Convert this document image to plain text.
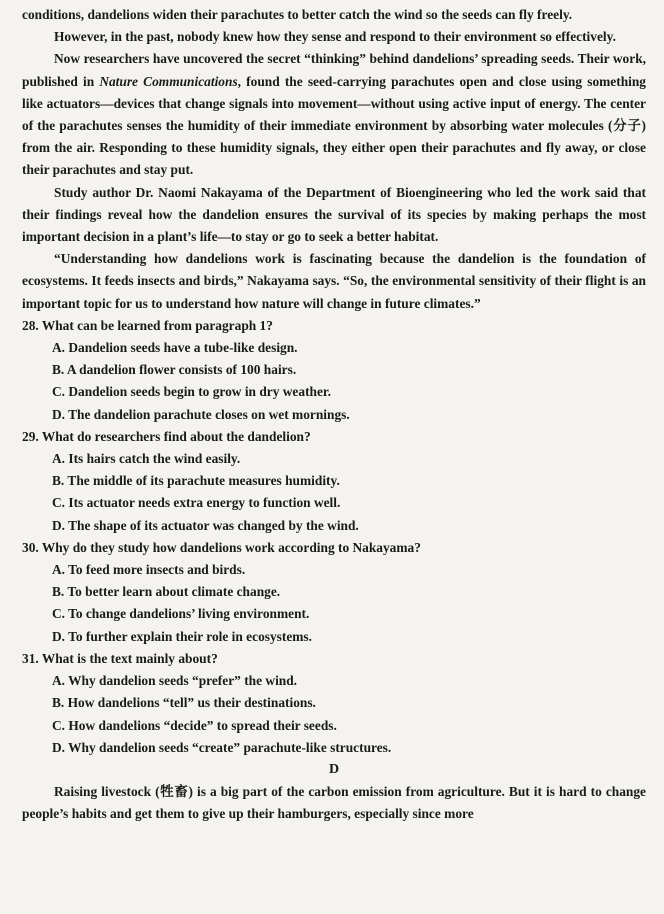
conditions, dandelions widen their parachutes to better catch the wind so the seeds can fly freely.

However, in the past, nobody knew how they sense and respond to their environment so effectively.

Now researchers have uncovered the secret “thinking” behind dandelions’ spreading seeds. Their work, published in Nature Communications, found the seed-carrying parachutes open and close using something like actuators—devices that change signals into movement—without using active input of energy. The center of the parachutes senses the humidity of their immediate environment by absorbing water molecules (分子) from the air. Responding to these humidity signals, they either open their parachutes and fly away, or close their parachutes and stay put.

Study author Dr. Naomi Nakayama of the Department of Bioengineering who led the work said that their findings reveal how the dandelion ensures the survival of its species by making perhaps the most important decision in a plant’s life—to stay or go to seek a better habitat.

“Understanding how dandelions work is fascinating because the dandelion is the foundation of ecosystems. It feeds insects and birds,” Nakayama says. “So, the environmental sensitivity of their flight is an important topic for us to understand how nature will change in future climates.”

28. What can be learned from paragraph 1?

A. Dandelion seeds have a tube-like design.

B. A dandelion flower consists of 100 hairs.

C. Dandelion seeds begin to grow in dry weather.

D. The dandelion parachute closes on wet mornings.

29. What do researchers find about the dandelion?

A. Its hairs catch the wind easily.

B. The middle of its parachute measures humidity.

C. Its actuator needs extra energy to function well.

D. The shape of its actuator was changed by the wind.

30. Why do they study how dandelions work according to Nakayama?

A. To feed more insects and birds.

B. To better learn about climate change.

C. To change dandelions’ living environment.

D. To further explain their role in ecosystems.

31. What is the text mainly about?

A. Why dandelion seeds “prefer” the wind.

B. How dandelions “tell” us their destinations.

C. How dandelions “decide” to spread their seeds.

D. Why dandelion seeds “create” parachute-like structures.

D

Raising livestock (牲畜) is a big part of the carbon emission from agriculture. But it is hard to change people’s habits and get them to give up their hamburgers, especially since more
